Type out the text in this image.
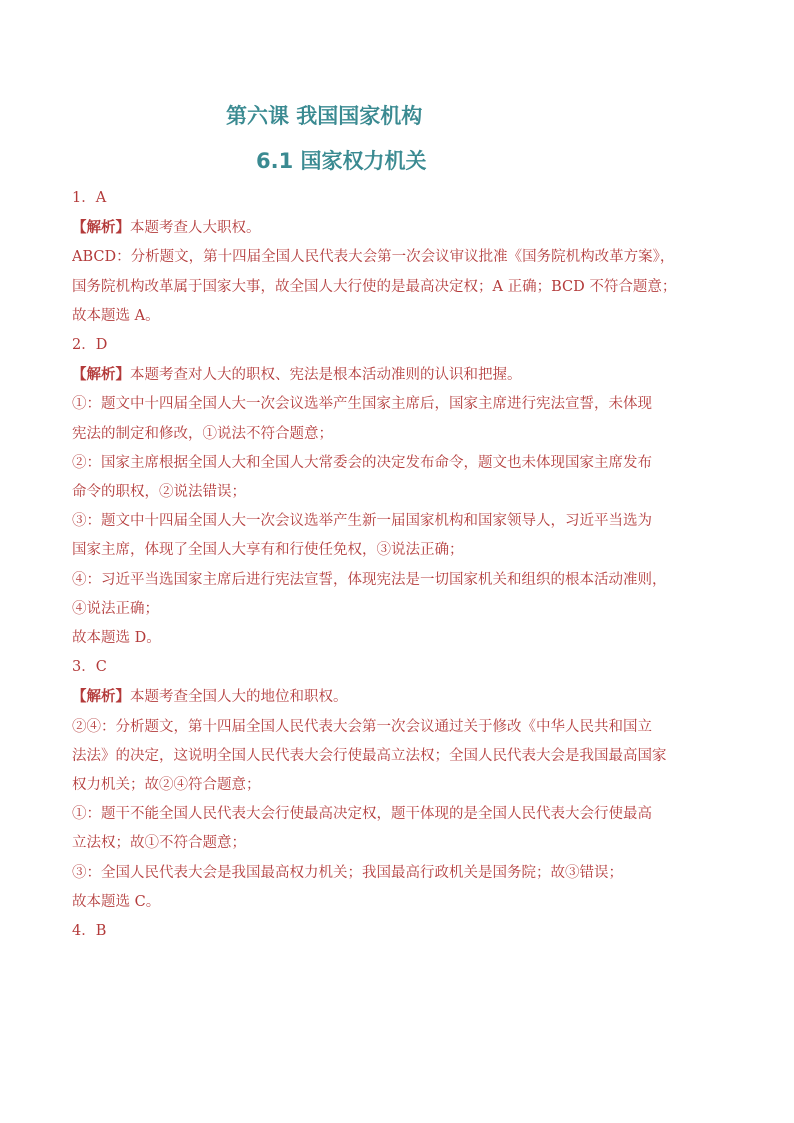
第六课 我国国家机构
6.1 国家权力机关
1．A
【解析】本题考查人大职权。
ABCD：分析题文，第十四届全国人民代表大会第一次会议审议批准《国务院机构改革方案》，
国务院机构改革属于国家大事，故全国人大行使的是最高决定权；A 正确；BCD 不符合题意；
故本题选 A。
2．D
【解析】本题考查对人大的职权、宪法是根本活动准则的认识和把握。
①：题文中十四届全国人大一次会议选举产生国家主席后，国家主席进行宪法宣誓，未体现
宪法的制定和修改，①说法不符合题意；
②：国家主席根据全国人大和全国人大常委会的决定发布命令，题文也未体现国家主席发布
命令的职权，②说法错误；
③：题文中十四届全国人大一次会议选举产生新一届国家机构和国家领导人，习近平当选为
国家主席，体现了全国人大享有和行使任免权，③说法正确；
④：习近平当选国家主席后进行宪法宣誓，体现宪法是一切国家机关和组织的根本活动准则，
④说法正确；
故本题选 D。
3．C
【解析】本题考查全国人大的地位和职权。
②④：分析题文，第十四届全国人民代表大会第一次会议通过关于修改《中华人民共和国立
法法》的决定，这说明全国人民代表大会行使最高立法权；全国人民代表大会是我国最高国家
权力机关；故②④符合题意；
①：题干不能全国人民代表大会行使最高决定权，题干体现的是全国人民代表大会行使最高
立法权；故①不符合题意；
③：全国人民代表大会是我国最高权力机关；我国最高行政机关是国务院；故③错误；
故本题选 C。
4．B
